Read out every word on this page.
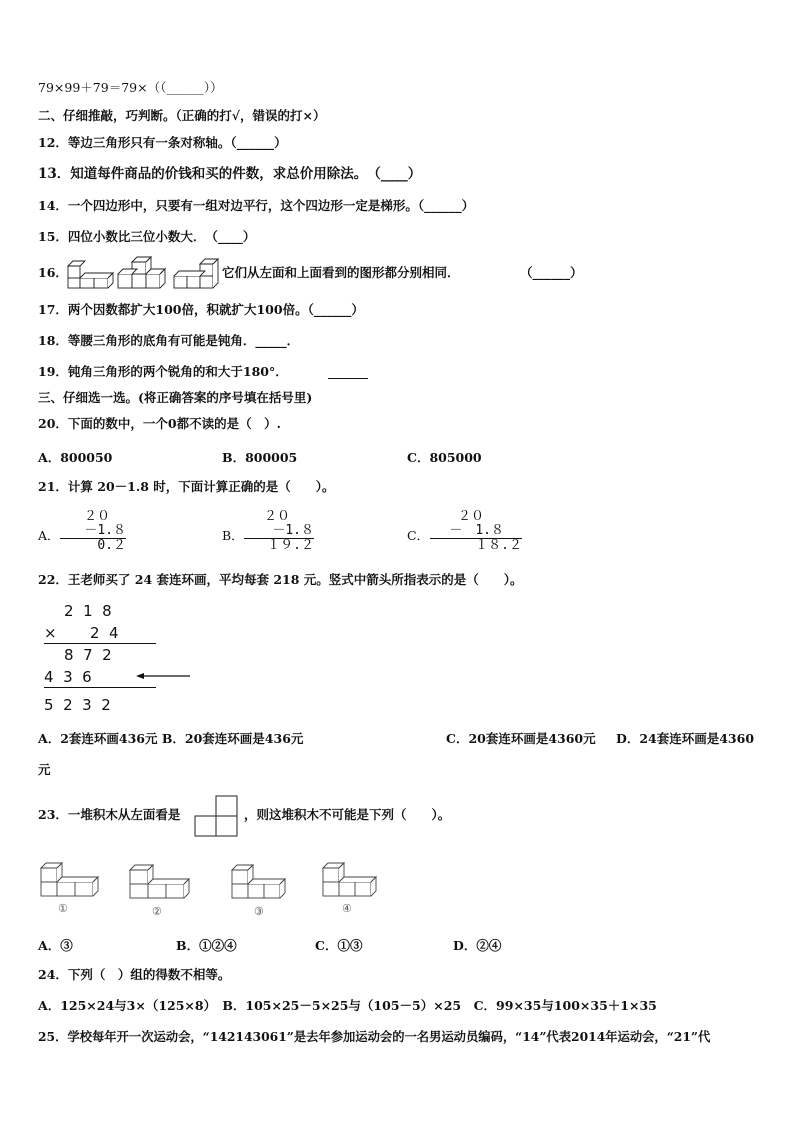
79×99＋79＝79×（（______））
二、仔细推敲，巧判断。（正确的打√，错误的打×）
12．等边三角形只有一条对称轴。（______）
13．知道每件商品的价钱和买的件数，求总价用除法。　（____）
14．一个四边形中，只要有一组对边平行，这个四边形一定是梯形。（______）
15．四位小数比三位小数大．　（____）
16．	它们从左面和上面看到的图形都分别相同．	（______）
17．两个因数都扩大100倍，积就扩大100倍。（______）
18．等腰三角形的底角有可能是钝角．_____．
19．钝角三角形的两个锐角的和大于180°．
三、仔细选一选。(将正确答案的序号填在括号里)
20．下面的数中，一个0都不读的是（　）.
A．800050	B．800005	C．805000
21．计算 20－1.8 时，下面计算正确的是（　　）。
A．
２０
－1.８
0.２
B．
２０
－1.８
１９.２
C．
２０
－　1.８
１８.２
22．王老师买了 24 套连环画，平均每套 218 元。竖式中箭头所指表示的是（　　）。
2  1  8
×       2  4
8  7  2
4  3  6
5  2  3  2
A．2套连环画436元 B．20套连环画是436元	C．20套连环画是4360元 D．24套连环画是4360
元
23．一堆积木从左面看是	，则这堆积木不可能是下列（　　）。
①	②	③	④
A．③	B．①②④	C．①③	D．②④
24．下列（　）组的得数不相等。
A．125×24与3×（125×8）　B．105×25－5×25与（105－5）×25　C．99×35与100×35＋1×35
25．学校每年开一次运动会，“142143061”是去年参加运动会的一名男运动员编码，“14”代表2014年运动会，“21”代
